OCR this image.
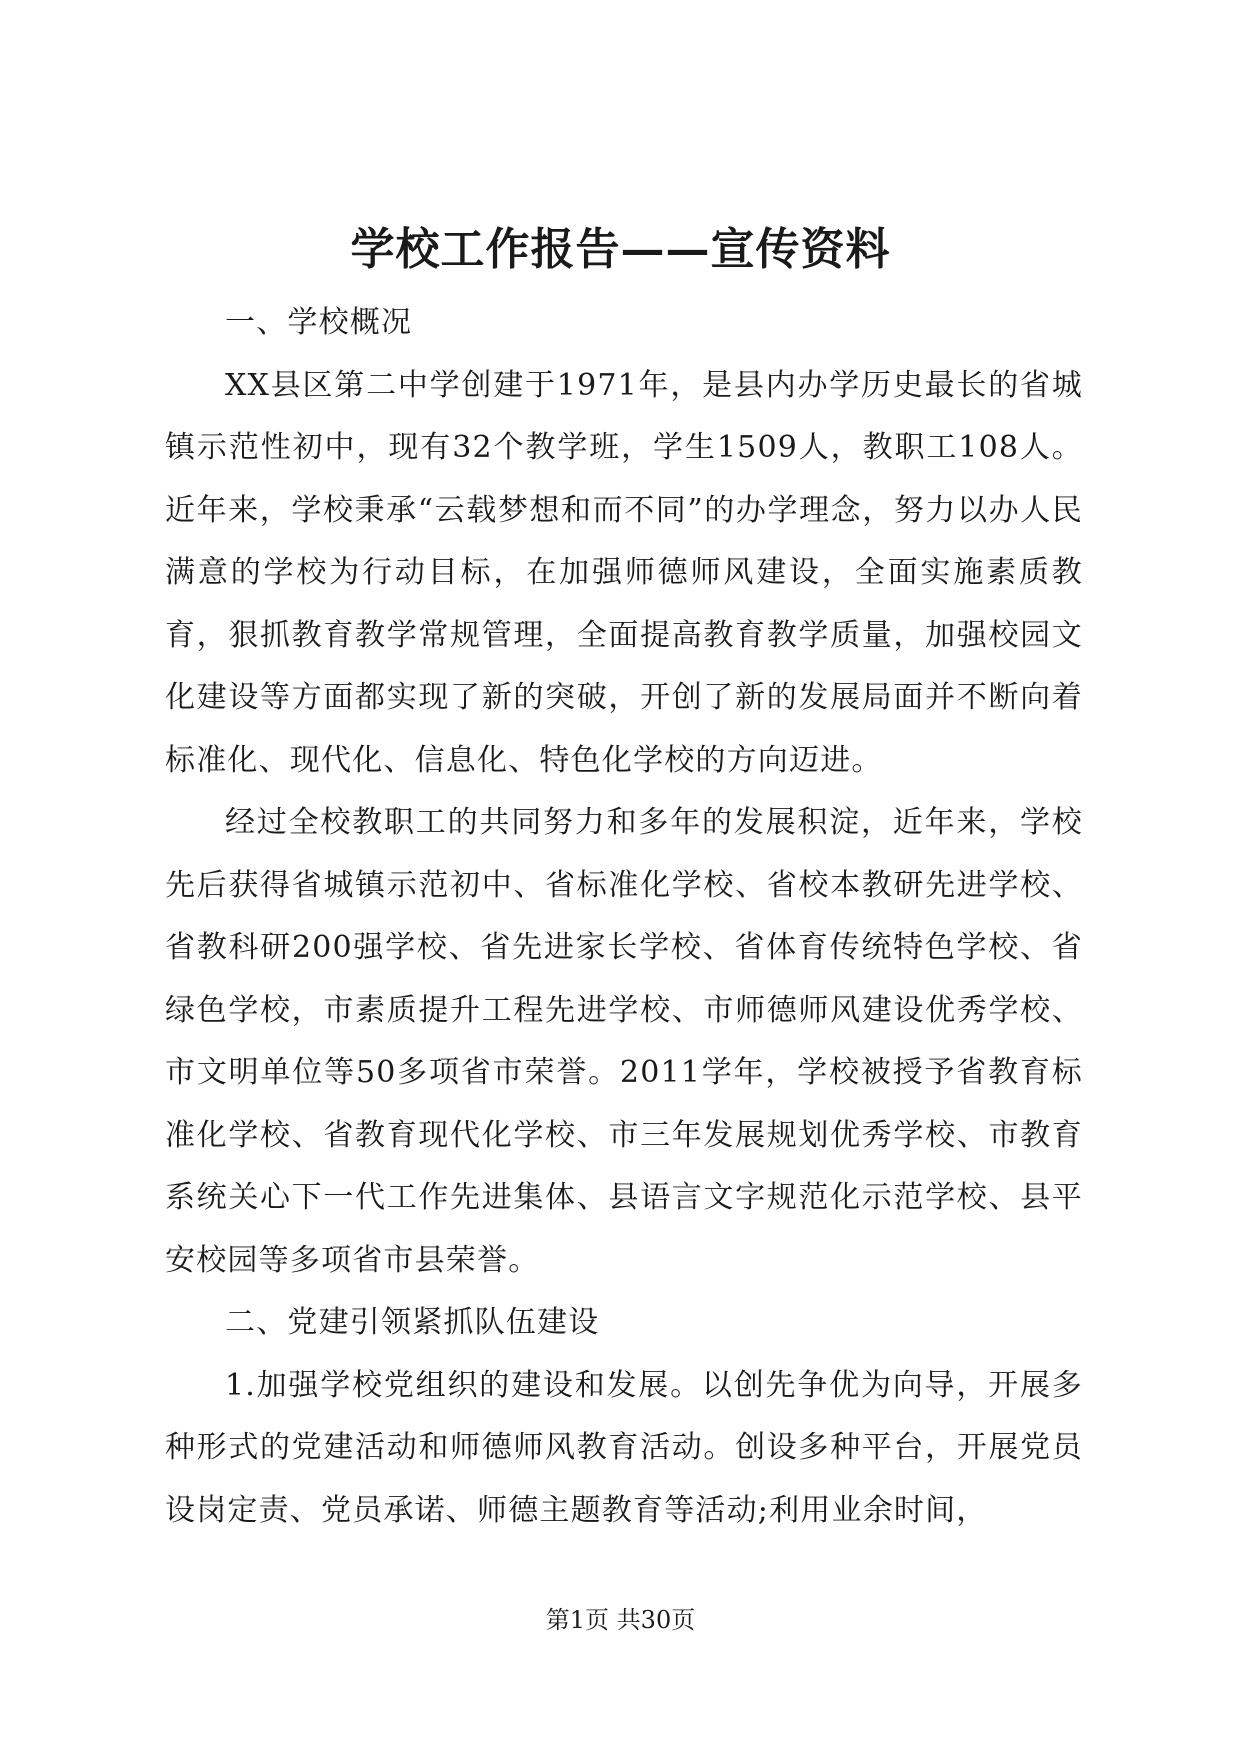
学校工作报告——宣传资料

一、学校概况

XX县区第二中学创建于1971年，是县内办学历史最长的省城镇示范性初中，现有32个教学班，学生1509人，教职工108人。近年来，学校秉承“云载梦想和而不同”的办学理念，努力以办人民满意的学校为行动目标，在加强师德师风建设，全面实施素质教育，狠抓教育教学常规管理，全面提高教育教学质量，加强校园文化建设等方面都实现了新的突破，开创了新的发展局面并不断向着标准化、现代化、信息化、特色化学校的方向迈进。

经过全校教职工的共同努力和多年的发展积淀，近年来，学校先后获得省城镇示范初中、省标准化学校、省校本教研先进学校、省教科研200强学校、省先进家长学校、省体育传统特色学校、省绿色学校，市素质提升工程先进学校、市师德师风建设优秀学校、市文明单位等50多项省市荣誉。2011学年，学校被授予省教育标准化学校、省教育现代化学校、市三年发展规划优秀学校、市教育系统关心下一代工作先进集体、县语言文字规范化示范学校、县平安校园等多项省市县荣誉。

二、党建引领紧抓队伍建设

1.加强学校党组织的建设和发展。以创先争优为向导，开展多种形式的党建活动和师德师风教育活动。创设多种平台，开展党员设岗定责、党员承诺、师德主题教育等活动;利用业余时间，

第1页 共30页
